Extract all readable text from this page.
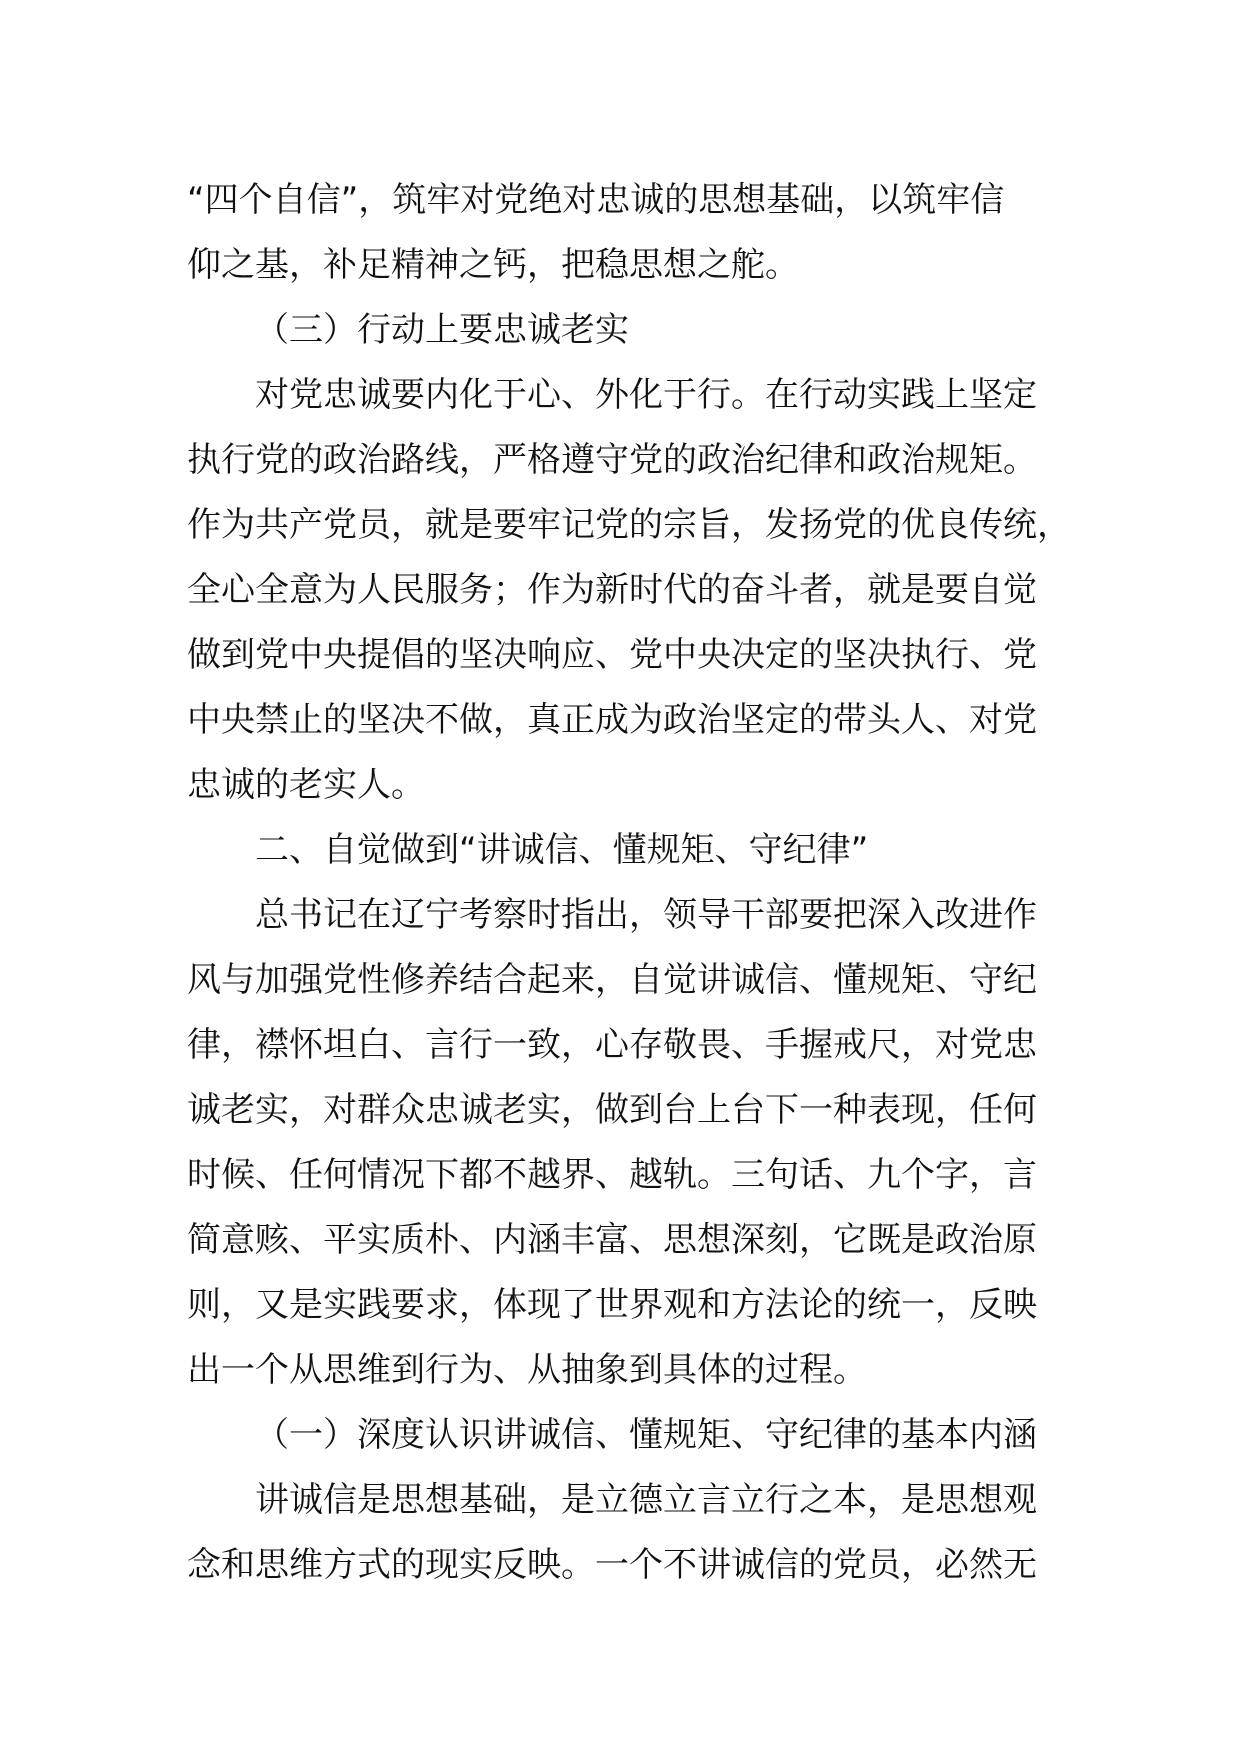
“四个自信”，筑牢对党绝对忠诚的思想基础，以筑牢信
仰之基，补足精神之钙，把稳思想之舵。
（三）行动上要忠诚老实
对党忠诚要内化于心、外化于行。在行动实践上坚定
执行党的政治路线，严格遵守党的政治纪律和政治规矩。
作为共产党员，就是要牢记党的宗旨，发扬党的优良传统，
全心全意为人民服务；作为新时代的奋斗者，就是要自觉
做到党中央提倡的坚决响应、党中央决定的坚决执行、党
中央禁止的坚决不做，真正成为政治坚定的带头人、对党
忠诚的老实人。
二、自觉做到“讲诚信、懂规矩、守纪律”
总书记在辽宁考察时指出，领导干部要把深入改进作
风与加强党性修养结合起来，自觉讲诚信、懂规矩、守纪
律，襟怀坦白、言行一致，心存敬畏、手握戒尺，对党忠
诚老实，对群众忠诚老实，做到台上台下一种表现，任何
时候、任何情况下都不越界、越轨。三句话、九个字，言
简意赅、平实质朴、内涵丰富、思想深刻，它既是政治原
则，又是实践要求，体现了世界观和方法论的统一，反映
出一个从思维到行为、从抽象到具体的过程。
（一）深度认识讲诚信、懂规矩、守纪律的基本内涵
讲诚信是思想基础，是立德立言立行之本，是思想观
念和思维方式的现实反映。一个不讲诚信的党员，必然无
